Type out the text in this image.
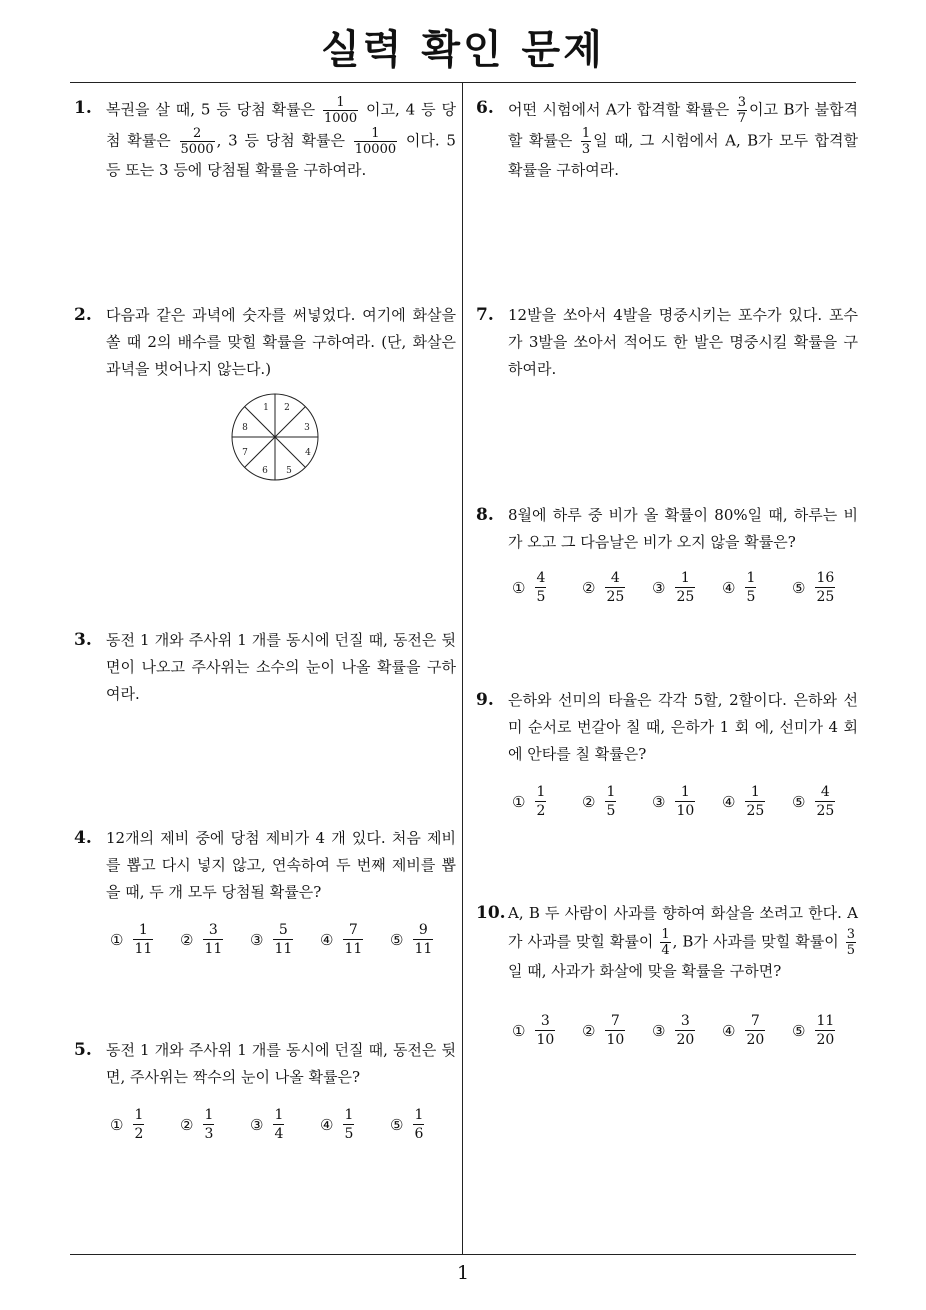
실력 확인 문제
1
1. 복권을 살 때, 5 등 당첨 확률은 $\frac{1}{1000}$ 이고, 4 등 당첨 확률은 $\frac{2}{5000}$ , 3 등 당첨 확률은 $\frac{1}{10000}$ 이다. 5 등 또는 3 등에 당첨될 확률을 구하여라.
2. 다음과 같은 과녁에 숫자를 써넣었다. 여기에 화살을 쏠 때 2의 배수를 맞힐 확률을 구하여라. (단, 화살은 과녁을 벗어나지 않는다.)
1 2
3
4
5
6
7
8
3. 동전 1 개와 주사위 1 개를 동시에 던질 때, 동전은 뒷면이 나오고 주사위는 소수의 눈이 나올 확률을 구하여라.
4. 12개의 제비 중에 당첨 제비가 4 개 있다. 처음 제비를 뽑고 다시 넣지 않고, 연속하여 두 번째 제비를 뽑을 때, 두 개 모두 당첨될 확률은?
① $\frac{1}{11}$ ② $\frac{3}{11}$ ③ $\frac{5}{11}$ ④ $\frac{7}{11}$ ⑤ $\frac{9}{11}$
5. 동전 1 개와 주사위 1 개를 동시에 던질 때, 동전은 뒷면, 주사위는 짝수의 눈이 나올 확률은?
① $\frac{1}{2}$ ② $\frac{1}{3}$ ③ $\frac{1}{4}$ ④ $\frac{1}{5}$ ⑤ $\frac{1}{6}$
6. 어떤 시험에서 A가 합격할 확률은 $\frac{3}{7}$ 이고 B가 불합격할 확률은 $\frac{1}{3}$ 일 때, 그 시험에서 A, B가 모두 합격할 확률을 구하여라.
7. 12발을 쏘아서 4발을 명중시키는 포수가 있다. 포수가 3발을 쏘아서 적어도 한 발은 명중시킬 확률을 구하여라.
8. 8월에 하루 중 비가 올 확률이 80%일 때, 하루는 비가 오고 그 다음날은 비가 오지 않을 확률은?
① $\frac{4}{5}$ ② $\frac{4}{25}$ ③ $\frac{1}{25}$ ④ $\frac{1}{5}$ ⑤ $\frac{16}{25}$
9. 은하와 선미의 타율은 각각 5할, 2할이다. 은하와 선미 순서로 번갈아 칠 때, 은하가 1 회 에, 선미가 4 회 에 안타를 칠 확률은?
① $\frac{1}{2}$ ② $\frac{1}{5}$ ③ $\frac{1}{10}$ ④ $\frac{1}{25}$ ⑤ $\frac{4}{25}$
10. A, B 두 사람이 사과를 향하여 화살을 쏘려고 한다. A가 사과를 맞힐 확률이 $\frac{1}{4}$ , B가 사과를 맞힐 확률이 $\frac{3}{5}$
일 때, 사과가 화살에 맞을 확률을 구하면?
① $\frac{3}{10}$ ② $\frac{7}{10}$ ③ $\frac{3}{20}$ ④ $\frac{7}{20}$ ⑤ $\frac{11}{20}$
